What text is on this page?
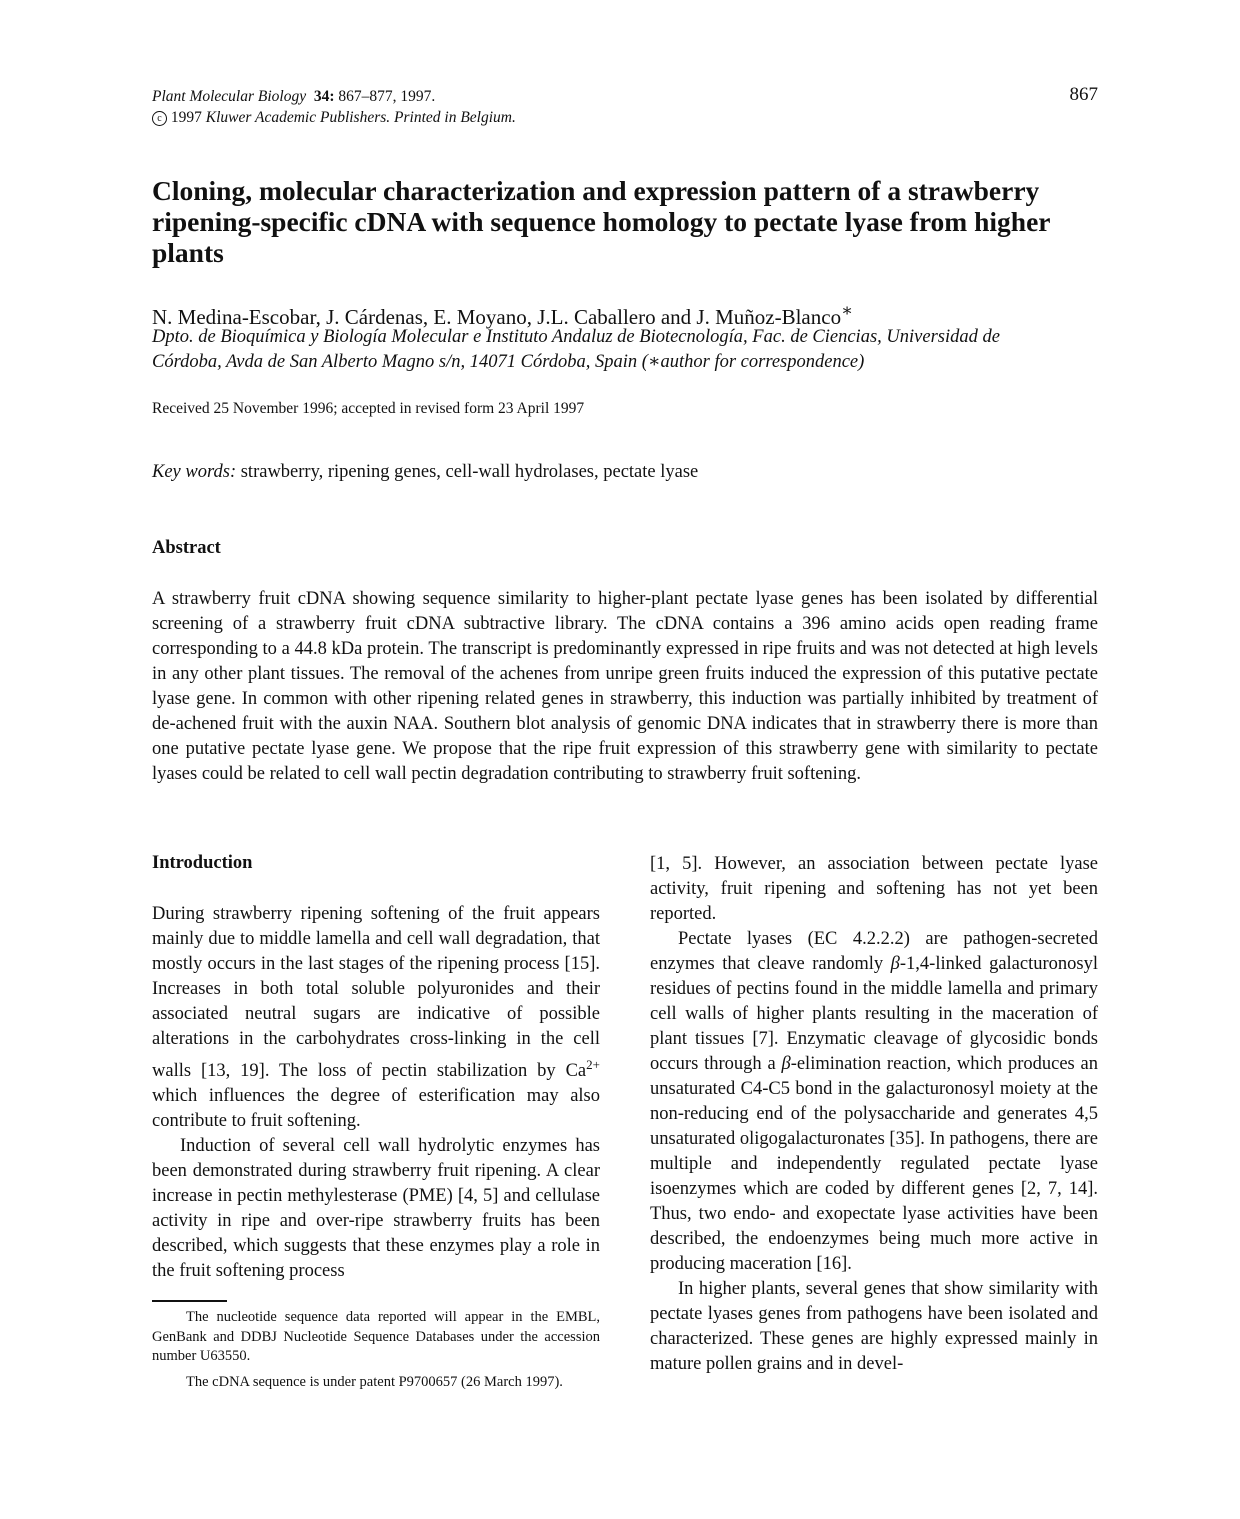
Plant Molecular Biology 34: 867–877, 1997.
c 1997 Kluwer Academic Publishers. Printed in Belgium.
867
Cloning, molecular characterization and expression pattern of a strawberry ripening-specific cDNA with sequence homology to pectate lyase from higher plants
N. Medina-Escobar, J. Cárdenas, E. Moyano, J.L. Caballero and J. Muñoz-Blanco∗
Dpto. de Bioquímica y Biología Molecular e Instituto Andaluz de Biotecnología, Fac. de Ciencias, Universidad de
Córdoba, Avda de San Alberto Magno s/n, 14071 Córdoba, Spain (∗author for correspondence)
Received 25 November 1996; accepted in revised form 23 April 1997
Key words: strawberry, ripening genes, cell-wall hydrolases, pectate lyase
Abstract

A strawberry fruit cDNA showing sequence similarity to higher-plant pectate lyase genes has been isolated by differential screening of a strawberry fruit cDNA subtractive library. The cDNA contains a 396 amino acids open reading frame corresponding to a 44.8 kDa protein. The transcript is predominantly expressed in ripe fruits and was not detected at high levels in any other plant tissues. The removal of the achenes from unripe green fruits induced the expression of this putative pectate lyase gene. In common with other ripening related genes in strawberry, this induction was partially inhibited by treatment of de-achened fruit with the auxin NAA. Southern blot analysis of genomic DNA indicates that in strawberry there is more than one putative pectate lyase gene. We propose that the ripe fruit expression of this strawberry gene with similarity to pectate lyases could be related to cell wall pectin degradation contributing to strawberry fruit softening.

Introduction

During strawberry ripening softening of the fruit appears mainly due to middle lamella and cell wall degradation, that mostly occurs in the last stages of the ripening process [15]. Increases in both total soluble polyuronides and their associated neutral sugars are indicative of possible alterations in the carbohydrates cross-linking in the cell walls [13, 19]. The loss of pectin stabilization by $Ca^{2+}$ which influences the degree of esterification may also contribute to fruit softening.

Induction of several cell wall hydrolytic enzymes has been demonstrated during strawberry fruit ripening. A clear increase in pectin methylesterase (PME) [4, 5] and cellulase activity in ripe and over-ripe strawberry fruits has been described, which suggests that these enzymes play a role in the fruit softening process

[1, 5]. However, an association between pectate lyase activity, fruit ripening and softening has not yet been reported.

Pectate lyases (EC 4.2.2.2) are pathogen-secreted enzymes that cleave randomly β-1,4-linked galacturonosyl residues of pectins found in the middle lamella and primary cell walls of higher plants resulting in the maceration of plant tissues [7]. Enzymatic cleavage of glycosidic bonds occurs through a β-elimination reaction, which produces an unsaturated C4-C5 bond in the galacturonosyl moiety at the non-reducing end of the polysaccharide and generates 4,5 unsaturated oligogalacturonates [35]. In pathogens, there are multiple and independently regulated pectate lyase isoenzymes which are coded by different genes [2, 7, 14]. Thus, two endo- and exopectate lyase activities have been described, the endoenzymes being much more active in producing maceration [16].

In higher plants, several genes that show similarity with pectate lyases genes from pathogens have been isolated and characterized. These genes are highly expressed mainly in mature pollen grains and in devel-

The nucleotide sequence data reported will appear in the EMBL, GenBank and DDBJ Nucleotide Sequence Databases under the accession number U63550.

The cDNA sequence is under patent P9700657 (26 March 1997).
